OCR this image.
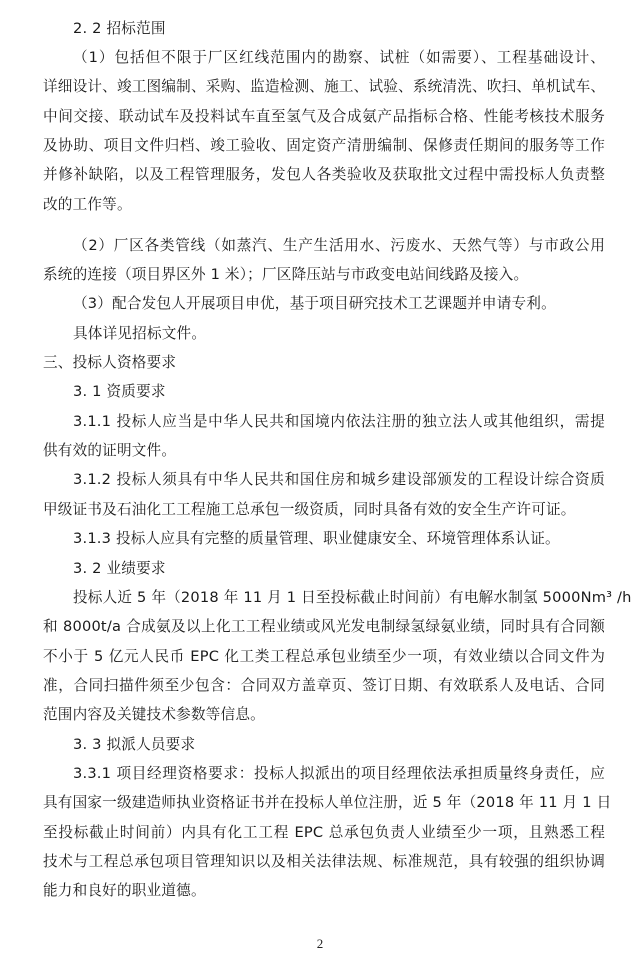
2
2. 2 招标范围
（1）包括但不限于厂区红线范围内的勘察、试桩（如需要）、工程基础设计、
详细设计、竣工图编制、采购、监造检测、施工、试验、系统清洗、吹扫、单机试车、
中间交接、联动试车及投料试车直至氢气及合成氨产品指标合格、性能考核技术服务
及协助、项目文件归档、竣工验收、固定资产清册编制、保修责任期间的服务等工作
并修补缺陷，以及工程管理服务，发包人各类验收及获取批文过程中需投标人负责整
改的工作等。
（2）厂区各类管线（如蒸汽、生产生活用水、污废水、天然气等）与市政公用
系统的连接（项目界区外 1 米）；厂区降压站与市政变电站间线路及接入。
（3）配合发包人开展项目申优，基于项目研究技术工艺课题并申请专利。
具体详见招标文件。
三、投标人资格要求
3. 1 资质要求
3.1.1 投标人应当是中华人民共和国境内依法注册的独立法人或其他组织，需提
供有效的证明文件。
3.1.2 投标人须具有中华人民共和国住房和城乡建设部颁发的工程设计综合资质
甲级证书及石油化工工程施工总承包一级资质，同时具备有效的安全生产许可证。
3.1.3 投标人应具有完整的质量管理、职业健康安全、环境管理体系认证。
3. 2 业绩要求
投标人近 5 年（2018 年 11 月 1 日至投标截止时间前）有电解水制氢 5000Nm³ /h
和 8000t/a 合成氨及以上化工工程业绩或风光发电制绿氢绿氨业绩，同时具有合同额
不小于 5 亿元人民币 EPC 化工类工程总承包业绩至少一项，有效业绩以合同文件为
准，合同扫描件须至少包含：合同双方盖章页、签订日期、有效联系人及电话、合同
范围内容及关键技术参数等信息。
3. 3 拟派人员要求
3.3.1 项目经理资格要求：投标人拟派出的项目经理依法承担质量终身责任，应
具有国家一级建造师执业资格证书并在投标人单位注册，近 5 年（2018 年 11 月 1 日
至投标截止时间前）内具有化工工程 EPC 总承包负责人业绩至少一项，且熟悉工程
技术与工程总承包项目管理知识以及相关法律法规、标准规范，具有较强的组织协调
能力和良好的职业道德。
